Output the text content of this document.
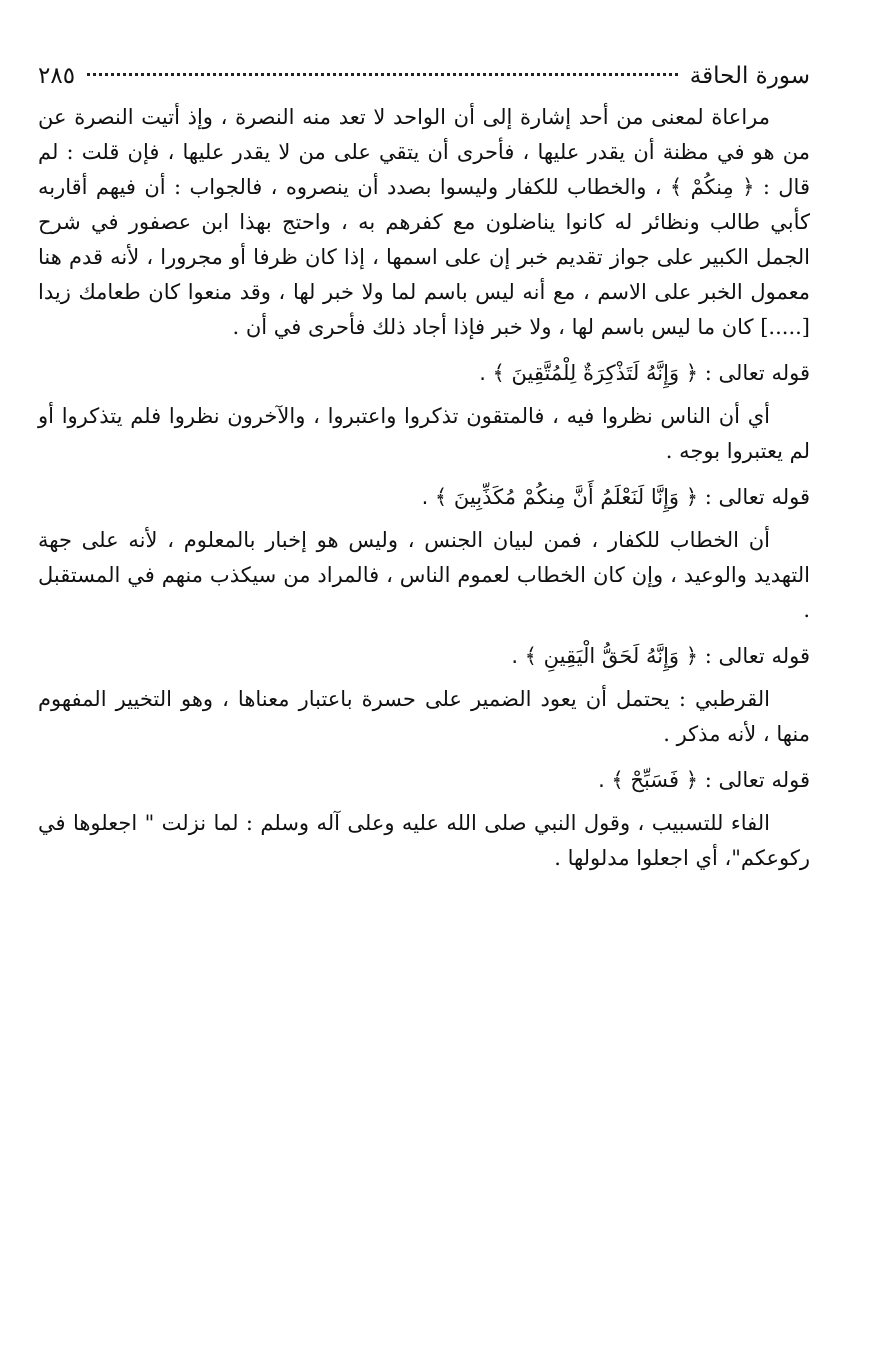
سورة الحاقة
٢٨٥

مراعاة لمعنى من أحد إشارة إلى أن الواحد لا تعد منه النصرة ، وإذ أتيت النصرة عن من هو في مظنة أن يقدر عليها ، فأحرى أن يتقي على من لا يقدر عليها ، فإن قلت : لم قال : ﴿ مِنكُمْ ﴾ ، والخطاب للكفار وليسوا بصدد أن ينصروه ، فالجواب : أن فيهم أقاربه كأبي طالب ونظائر له كانوا يناضلون مع كفرهم به ، واحتج بهذا ابن عصفور في شرح الجمل الكبير على جواز تقديم خبر إن على اسمها ، إذا كان ظرفا أو مجرورا ، لأنه قدم هنا معمول الخبر على الاسم ، مع أنه ليس باسم لما ولا خبر لها ، وقد منعوا كان طعامك زيدا [.....] كان ما ليس باسم لها ، ولا خبر فإذا أجاد ذلك فأحرى في أن .

قوله تعالى : ﴿ وَإِنَّهُ لَتَذْكِرَةٌ لِلْمُتَّقِينَ ﴾ .

أي أن الناس نظروا فيه ، فالمتقون تذكروا واعتبروا ، والآخرون نظروا فلم يتذكروا أو لم يعتبروا بوجه .

قوله تعالى : ﴿ وَإِنَّا لَنَعْلَمُ أَنَّ مِنكُمْ مُكَذِّبِينَ ﴾ .

أن الخطاب للكفار ، فمن لبيان الجنس ، وليس هو إخبار بالمعلوم ، لأنه على جهة التهديد والوعيد ، وإن كان الخطاب لعموم الناس ، فالمراد من سيكذب منهم في المستقبل .

قوله تعالى : ﴿ وَإِنَّهُ لَحَقُّ الْيَقِينِ ﴾ .

القرطبي : يحتمل أن يعود الضمير على حسرة باعتبار معناها ، وهو التخيير المفهوم منها ، لأنه مذكر .

قوله تعالى : ﴿ فَسَبِّحْ ﴾ .

الفاء للتسبيب ، وقول النبي صلى الله عليه وعلى آله وسلم : لما نزلت " اجعلوها في ركوعكم"، أي اجعلوا مدلولها .
